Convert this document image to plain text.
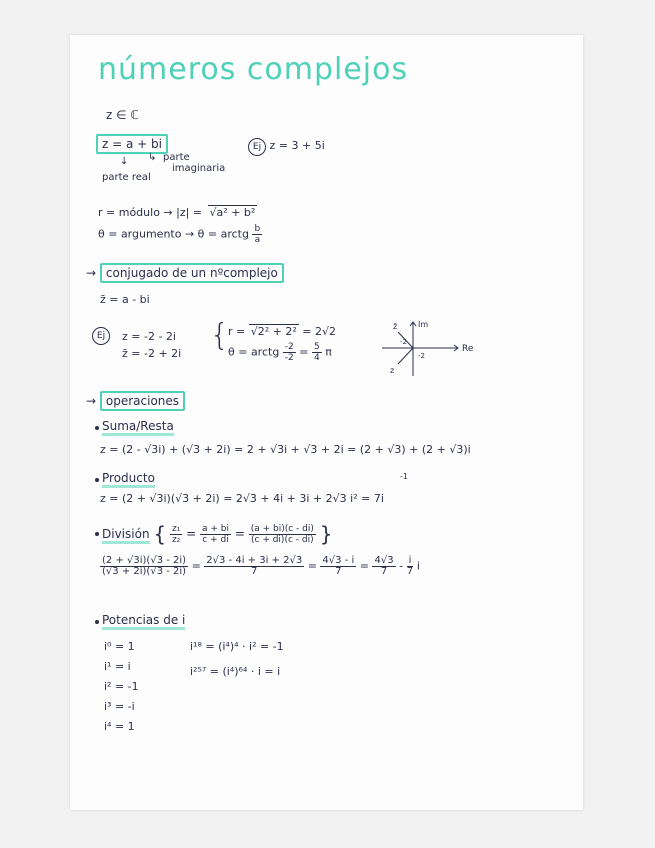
números complejos
z ∈ ℂ
z = a + bi	Ej z = 3 + 5i
↓ ↳ parte
imaginaria
parte real
r = módulo → |z| = √a² + b²
θ = argumento → θ = arctg $\frac{b}{a}$
→ conjugado de un nºcomplejo
z̄ = a - bi
Ej	z = -2 - 2i
z̄ = -2 + 2i
{
r = √2² + 2² = 2√2
θ = arctg $\frac{-2}{-2} = \frac{5}{4}$ π
Im
Re
z̄
z
-2
-2
→ operaciones
Suma/Resta
z = (2 - √3i) + (√3 + 2i) = 2 + √3i + √3 + 2i = (2 + √3) + (2 + √3)i
Producto	-1
z = (2 + √3i)(√3 + 2i) = 2√3 + 4i + 3i + 2√3 i² = 7i
División { $\frac{\text{z₁}}{\text{z₂}} = \frac{a + bi}{c + di} = \frac{(a + bi)(c - di)}{(c + di)(c - di)}$ }
$\frac{(2 + √3i)(√3 - 2i)}{(√3 + 2i)(√3 - 2i)} = \frac{2√3 - 4i + 3i + 2√3}{7} = \frac{4√3 - i}{7} = \frac{4√3}{7} - \frac{i}{7}$ i
Potencias de i
i⁰ = 1
i¹ = i
i² = -1
i³ = -i
i⁴ = 1
i¹⁸ = (i⁴)⁴ · i² = -1
i²⁵⁷ = (i⁴)⁶⁴ · i = i
